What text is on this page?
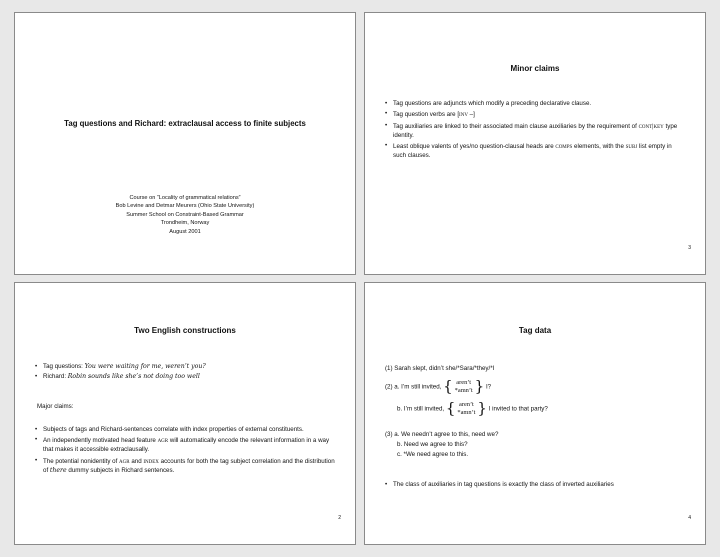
Tag questions and Richard: extraclausal access to finite subjects
Course on “Locality of grammatical relations”
Bob Levine and Detmar Meurers (Ohio State University)
Summer School on Constraint-Based Grammar
Trondheim, Norway
August 2001
Minor claims
• Tag questions are adjuncts which modify a preceding declarative clause.
• Tag question verbs are [inv –]
• Tag auxiliaries are linked to their associated main clause auxiliaries by the requirement of cont|key type identity.
• Least oblique valents of yes/no question-clausal heads are comps elements, with the subj list empty in such clauses.
3
Two English constructions
• Tag questions: You were waiting for me, weren’t you?
• Richard: Robin sounds like she’s not doing too well
Major claims:
• Subjects of tags and Richard-sentences correlate with index properties of external constituents.
• An independently motivated head feature agr will automatically encode the relevant information in a way that makes it accessible extraclausally.
• The potential nonidentity of agr and index accounts for both the tag subject correlation and the distribution of there dummy subjects in Richard sentences.
2
Tag data
(1) Sarah slept, didn’t she/*Sara/*they/*I
(2) a. I’m still invited, { aren’t
*amn’t } I?
b. I’m still invited, { aren’t
*amn’t } I invited to that party?
(3) a. We needn’t agree to this, need we?
b. Need we agree to this?
c. *We need agree to this.
• The class of auxiliaries in tag questions is exactly the class of inverted auxiliaries
4
